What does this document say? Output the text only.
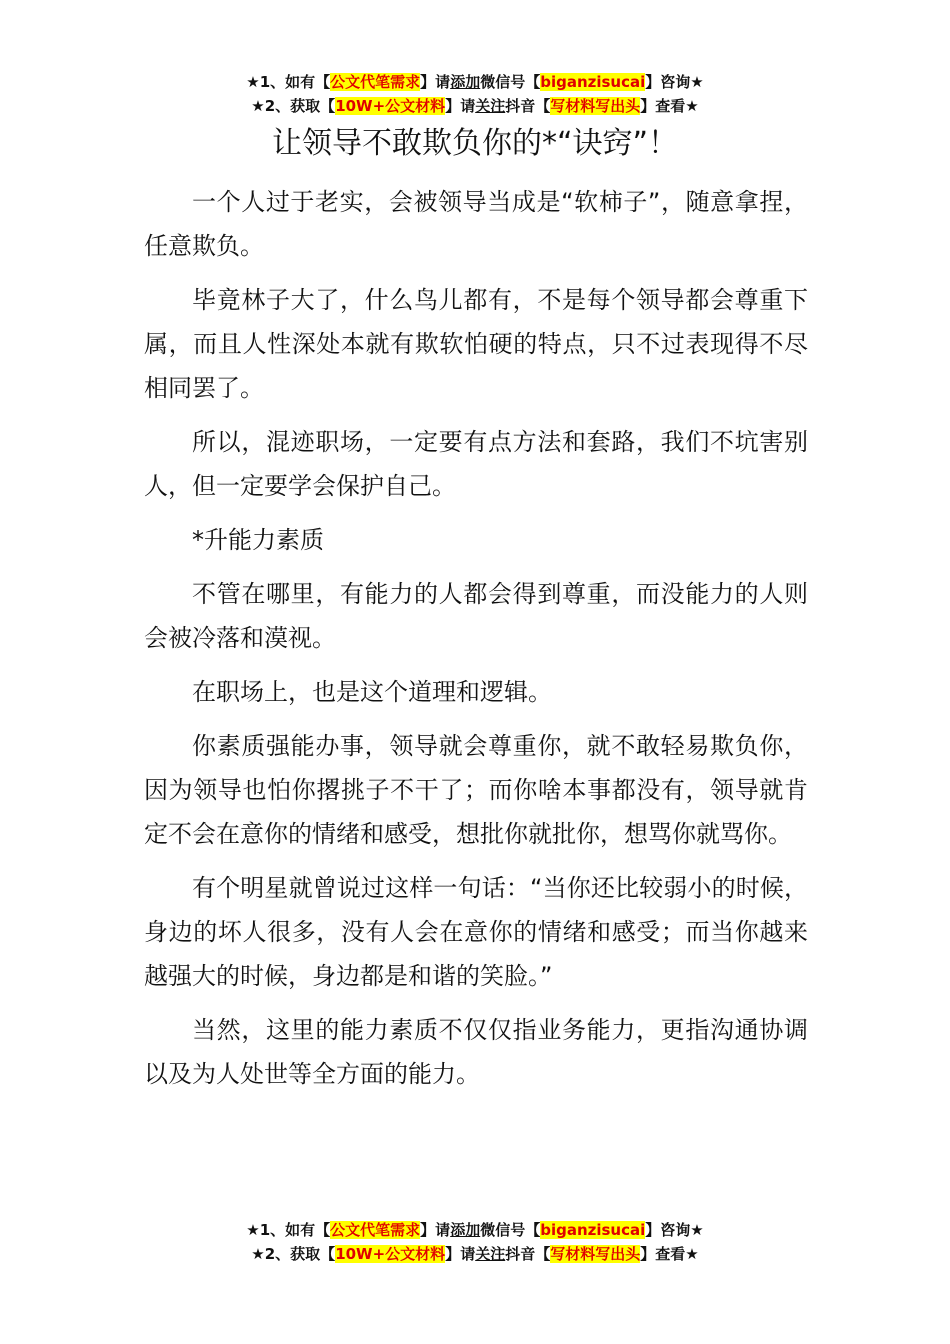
★1、如有【公文代笔需求】请添加微信号【biganzisucai】咨询★
★2、获取【10W+公文材料】请关注抖音【写材料写出头】查看★
让领导不敢欺负你的*“诀窍”！

一个人过于老实，会被领导当成是“软柿子”，随意拿捏，任意欺负。

毕竟林子大了，什么鸟儿都有，不是每个领导都会尊重下属，而且人性深处本就有欺软怕硬的特点，只不过表现得不尽相同罢了。

所以，混迹职场，一定要有点方法和套路，我们不坑害别人，但一定要学会保护自己。

*升能力素质

不管在哪里，有能力的人都会得到尊重，而没能力的人则会被冷落和漠视。

在职场上，也是这个道理和逻辑。

你素质强能办事，领导就会尊重你，就不敢轻易欺负你，因为领导也怕你撂挑子不干了；而你啥本事都没有，领导就肯定不会在意你的情绪和感受，想批你就批你，想骂你就骂你。

有个明星就曾说过这样一句话：“当你还比较弱小的时候，身边的坏人很多，没有人会在意你的情绪和感受；而当你越来越强大的时候，身边都是和谐的笑脸。”

当然，这里的能力素质不仅仅指业务能力，更指沟通协调以及为人处世等全方面的能力。

★1、如有【公文代笔需求】请添加微信号【biganzisucai】咨询★
★2、获取【10W+公文材料】请关注抖音【写材料写出头】查看★
